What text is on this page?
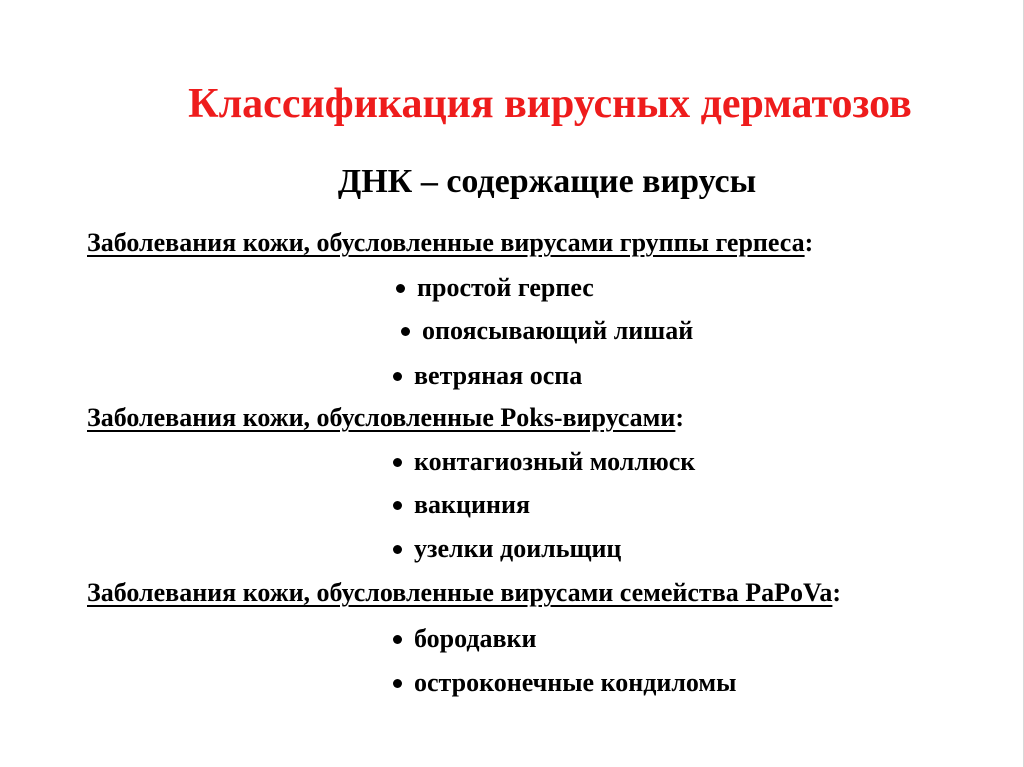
Классификация вирусных дерматозов
ДНК – содержащие вирусы
Заболевания кожи, обусловленные вирусами группы герпеса:
простой герпес
опоясывающий лишай
ветряная оспа
Заболевания кожи, обусловленные Poks-вирусами:
контагиозный моллюск
вакциния
узелки доильщиц
Заболевания кожи, обусловленные вирусами семейства PaPoVa:
бородавки
остроконечные кондиломы
